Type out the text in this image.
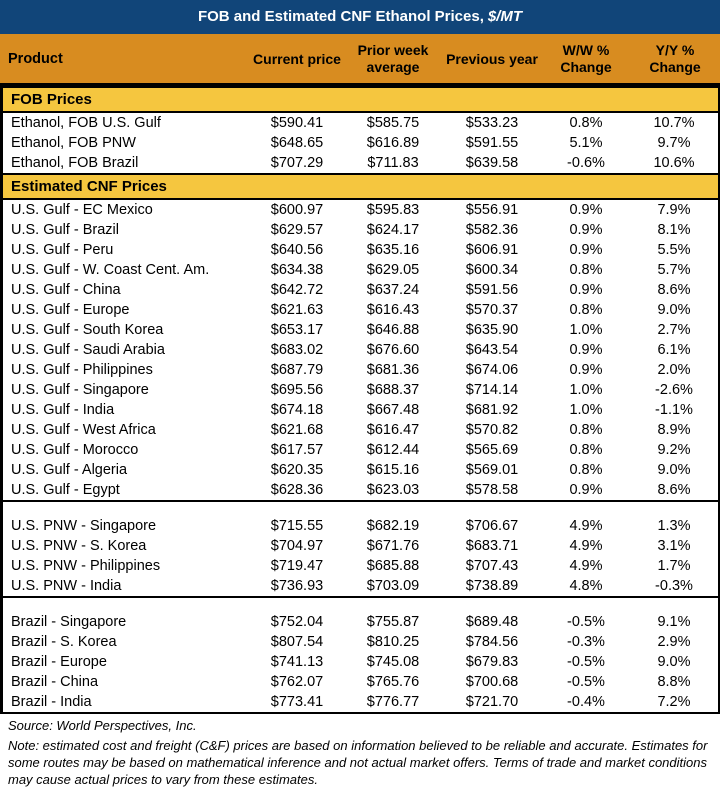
FOB and Estimated CNF Ethanol Prices, $/MT
Product	Current price	Prior week average	Previous year	W/W % Change	Y/Y % Change
FOB Prices					
Ethanol, FOB U.S. Gulf	$590.41	$585.75	$533.23	0.8%	10.7%
Ethanol, FOB PNW	$648.65	$616.89	$591.55	5.1%	9.7%
Ethanol, FOB Brazil	$707.29	$711.83	$639.58	-0.6%	10.6%
Estimated CNF Prices					
U.S. Gulf - EC Mexico	$600.97	$595.83	$556.91	0.9%	7.9%
U.S. Gulf - Brazil	$629.57	$624.17	$582.36	0.9%	8.1%
U.S. Gulf - Peru	$640.56	$635.16	$606.91	0.9%	5.5%
U.S. Gulf - W. Coast Cent. Am.	$634.38	$629.05	$600.34	0.8%	5.7%
U.S. Gulf - China	$642.72	$637.24	$591.56	0.9%	8.6%
U.S. Gulf - Europe	$621.63	$616.43	$570.37	0.8%	9.0%
U.S. Gulf - South Korea	$653.17	$646.88	$635.90	1.0%	2.7%
U.S. Gulf - Saudi Arabia	$683.02	$676.60	$643.54	0.9%	6.1%
U.S. Gulf - Philippines	$687.79	$681.36	$674.06	0.9%	2.0%
U.S. Gulf - Singapore	$695.56	$688.37	$714.14	1.0%	-2.6%
U.S. Gulf - India	$674.18	$667.48	$681.92	1.0%	-1.1%
U.S. Gulf - West Africa	$621.68	$616.47	$570.82	0.8%	8.9%
U.S. Gulf - Morocco	$617.57	$612.44	$565.69	0.8%	9.2%
U.S. Gulf - Algeria	$620.35	$615.16	$569.01	0.8%	9.0%
U.S. Gulf - Egypt	$628.36	$623.03	$578.58	0.9%	8.6%

U.S. PNW - Singapore	$715.55	$682.19	$706.67	4.9%	1.3%
U.S. PNW - S. Korea	$704.97	$671.76	$683.71	4.9%	3.1%
U.S. PNW - Philippines	$719.47	$685.88	$707.43	4.9%	1.7%
U.S. PNW - India	$736.93	$703.09	$738.89	4.8%	-0.3%

Brazil - Singapore	$752.04	$755.87	$689.48	-0.5%	9.1%
Brazil - S. Korea	$807.54	$810.25	$784.56	-0.3%	2.9%
Brazil - Europe	$741.13	$745.08	$679.83	-0.5%	9.0%
Brazil - China	$762.07	$765.76	$700.68	-0.5%	8.8%
Brazil - India	$773.41	$776.77	$721.70	-0.4%	7.2%
Source: World Perspectives, Inc.
Note: estimated cost and freight (C&F) prices are based on information believed to be reliable and accurate. Estimates for some routes may be based on mathematical inference and not actual market offers. Terms of trade and market conditions may cause actual prices to vary from these estimates.
